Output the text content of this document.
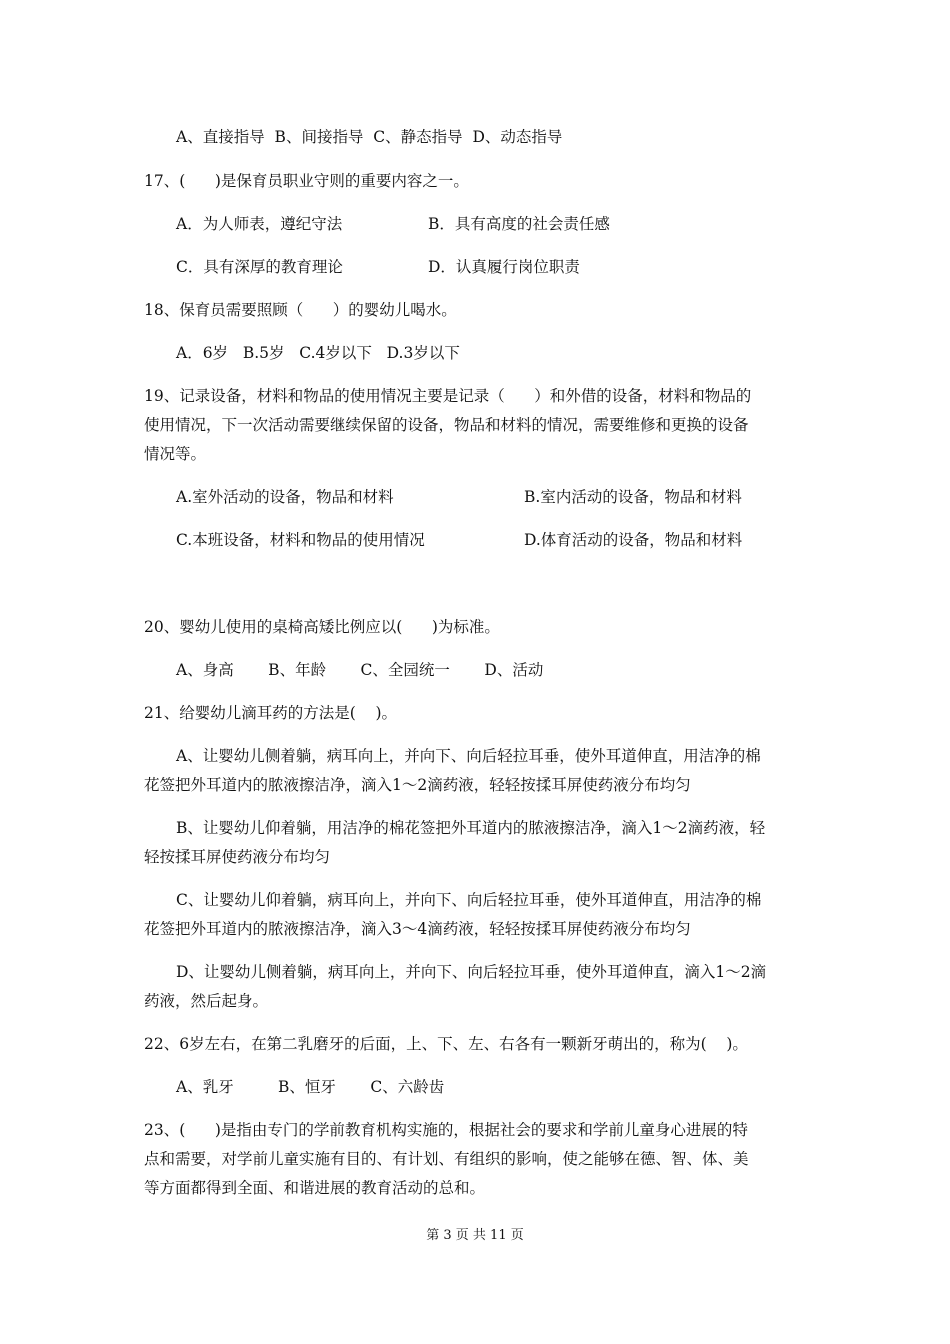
A、直接指导  B、间接指导  C、静态指导  D、动态指导
17、(      )是保育员职业守则的重要内容之一。
A．为人师表，遵纪守法	B．具有高度的社会责任感
C．具有深厚的教育理论	D．认真履行岗位职责
18、保育员需要照顾（      ）的婴幼儿喝水。
A．6岁   B.5岁   C.4岁以下   D.3岁以下
19、记录设备，材料和物品的使用情况主要是记录（      ）和外借的设备，材料和物品的
使用情况，下一次活动需要继续保留的设备，物品和材料的情况，需要维修和更换的设备
情况等。
A.室外活动的设备，物品和材料	B.室内活动的设备，物品和材料
C.本班设备，材料和物品的使用情况	D.体育活动的设备，物品和材料
20、婴幼儿使用的桌椅高矮比例应以(      )为标准。
A、身高       B、年龄       C、全园统一       D、活动
21、给婴幼儿滴耳药的方法是(    )。
A、让婴幼儿侧着躺，病耳向上，并向下、向后轻拉耳垂，使外耳道伸直，用洁净的棉
花签把外耳道内的脓液擦洁净，滴入1～2滴药液，轻轻按揉耳屏使药液分布均匀
B、让婴幼儿仰着躺，用洁净的棉花签把外耳道内的脓液擦洁净，滴入1～2滴药液，轻
轻按揉耳屏使药液分布均匀
C、让婴幼儿仰着躺，病耳向上，并向下、向后轻拉耳垂，使外耳道伸直，用洁净的棉
花签把外耳道内的脓液擦洁净，滴入3～4滴药液，轻轻按揉耳屏使药液分布均匀
D、让婴幼儿侧着躺，病耳向上，并向下、向后轻拉耳垂，使外耳道伸直，滴入1～2滴
药液，然后起身。
22、6岁左右，在第二乳磨牙的后面，上、下、左、右各有一颗新牙萌出的，称为(    )。
A、乳牙         B、恒牙       C、六龄齿
23、(      )是指由专门的学前教育机构实施的，根据社会的要求和学前儿童身心进展的特
点和需要，对学前儿童实施有目的、有计划、有组织的影响，使之能够在德、智、体、美
等方面都得到全面、和谐进展的教育活动的总和。
第 3 页 共 11 页
